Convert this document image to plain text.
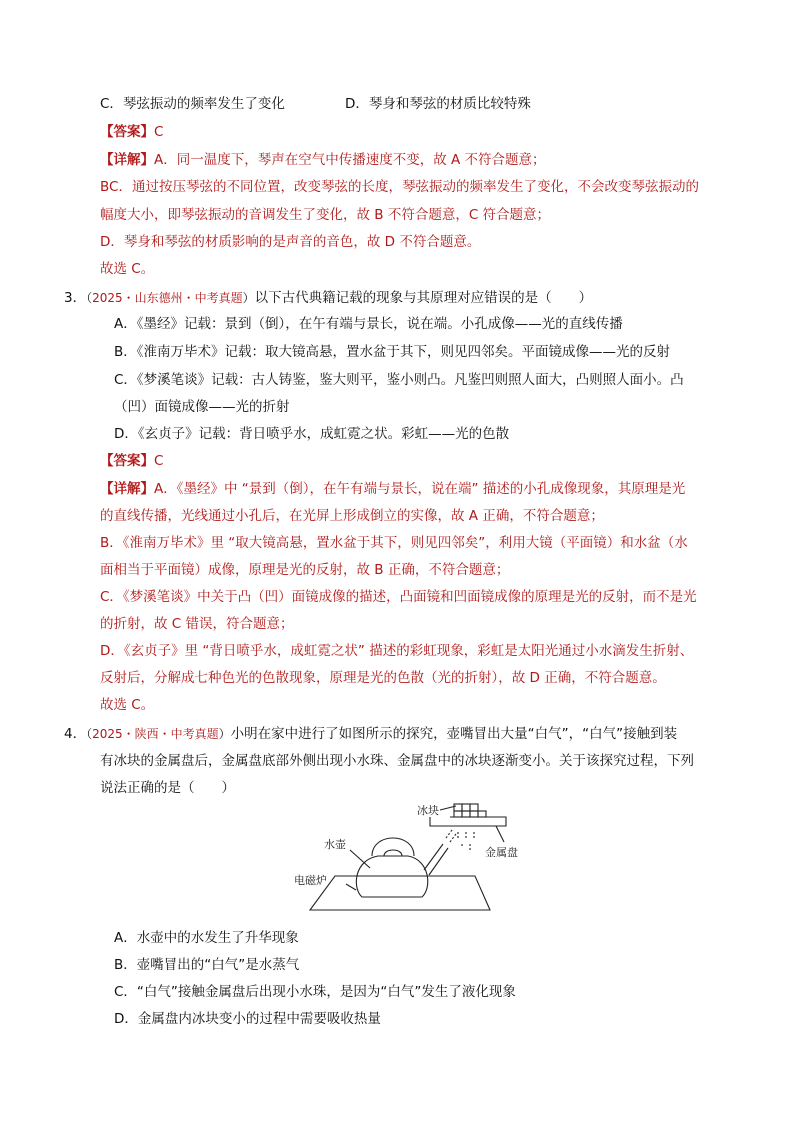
C．琴弦振动的频率发生了变化	D．琴身和琴弦的材质比较特殊
【答案】C
【详解】A．同一温度下，琴声在空气中传播速度不变，故 A 不符合题意；
BC．通过按压琴弦的不同位置，改变琴弦的长度，琴弦振动的频率发生了变化，不会改变琴弦振动的
幅度大小，即琴弦振动的音调发生了变化，故 B 不符合题意，C 符合题意；
D．琴身和琴弦的材质影响的是声音的音色，故 D 不符合题意。
故选 C。
3．（2025・山东德州・中考真题）以下古代典籍记载的现象与其原理对应错误的是（　　）
A．《墨经》记载：景到（倒），在午有端与景长，说在端。小孔成像——光的直线传播
B．《淮南万毕术》记载：取大镜高悬，置水盆于其下，则见四邻矣。平面镜成像——光的反射
C．《梦溪笔谈》记载：古人铸鉴，鉴大则平，鉴小则凸。凡鉴凹则照人面大，凸则照人面小。凸
（凹）面镜成像——光的折射
D．《玄贞子》记载：背日喷乎水，成虹霓之状。彩虹——光的色散
【答案】C
【详解】A．《墨经》中 “景到（倒），在午有端与景长，说在端” 描述的小孔成像现象，其原理是光
的直线传播，光线通过小孔后，在光屏上形成倒立的实像，故 A 正确，不符合题意；
B．《淮南万毕术》里 “取大镜高悬，置水盆于其下，则见四邻矣”，利用大镜（平面镜）和水盆（水
面相当于平面镜）成像，原理是光的反射，故 B 正确，不符合题意；
C．《梦溪笔谈》中关于凸（凹）面镜成像的描述，凸面镜和凹面镜成像的原理是光的反射，而不是光
的折射，故 C 错误，符合题意；
D．《玄贞子》里 “背日喷乎水，成虹霓之状” 描述的彩虹现象，彩虹是太阳光通过小水滴发生折射、
反射后，分解成七种色光的色散现象，原理是光的色散（光的折射），故 D 正确，不符合题意。
故选 C。
4．（2025・陕西・中考真题）小明在家中进行了如图所示的探究，壶嘴冒出大量“白气”，“白气”接触到装
有冰块的金属盘后，金属盘底部外侧出现小水珠、金属盘中的冰块逐渐变小。关于该探究过程，下列
说法正确的是（　　）
冰块
金属盘
水壶
电磁炉
A．水壶中的水发生了升华现象
B．壶嘴冒出的“白气”是水蒸气
C．“白气”接触金属盘后出现小水珠，是因为“白气”发生了液化现象
D．金属盘内冰块变小的过程中需要吸收热量
